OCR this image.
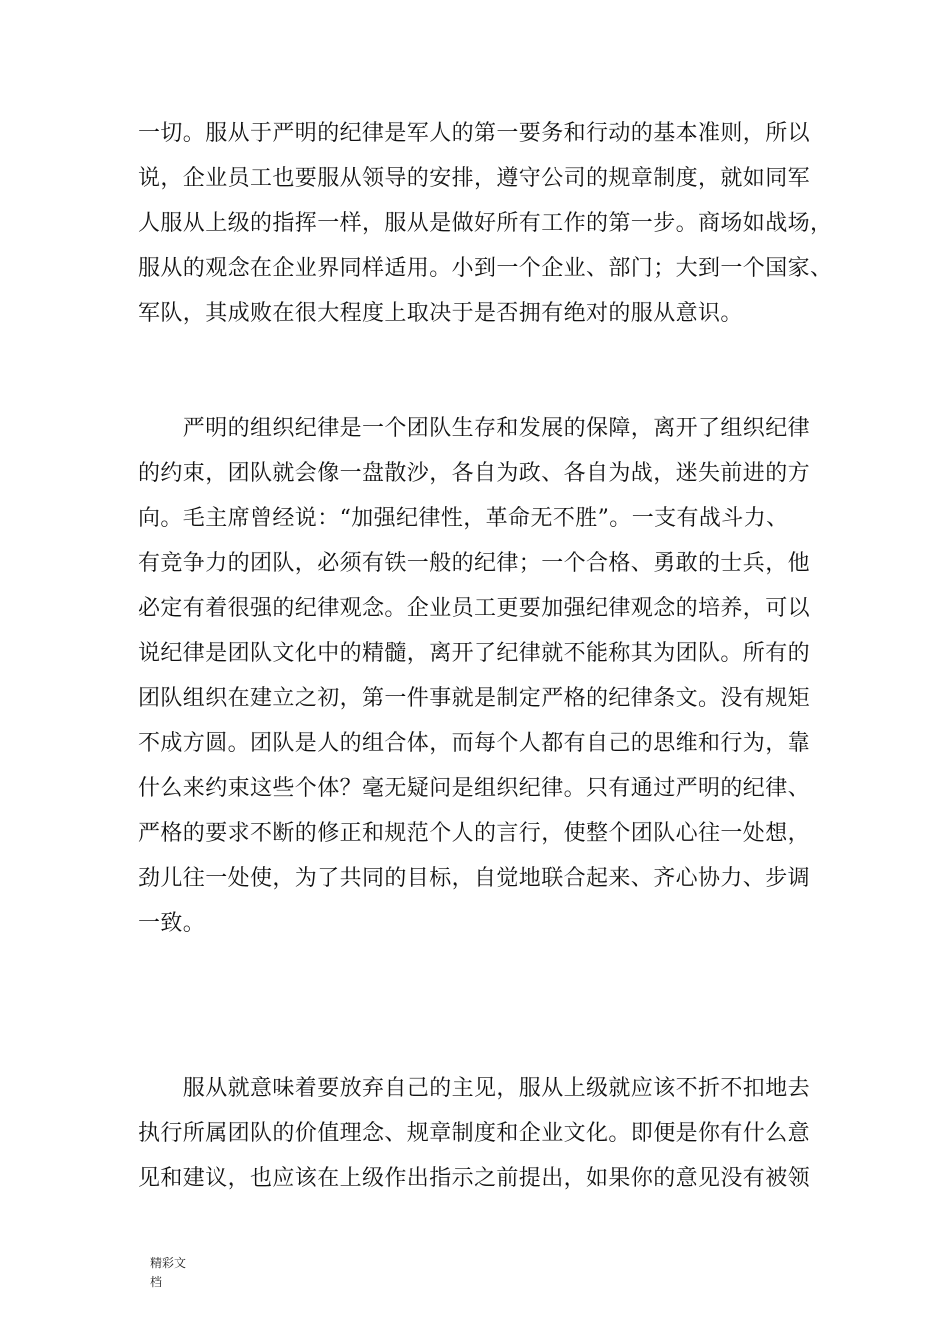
一切。服从于严明的纪律是军人的第一要务和行动的基本准则，所以
说，企业员工也要服从领导的安排，遵守公司的规章制度，就如同军
人服从上级的指挥一样，服从是做好所有工作的第一步。商场如战场，
服从的观念在企业界同样适用。小到一个企业、部门；大到一个国家、
军队，其成败在很大程度上取决于是否拥有绝对的服从意识。
　　严明的组织纪律是一个团队生存和发展的保障，离开了组织纪律
的约束，团队就会像一盘散沙，各自为政、各自为战，迷失前进的方
向。毛主席曾经说：“加强纪律性，革命无不胜”。一支有战斗力、
有竞争力的团队，必须有铁一般的纪律；一个合格、勇敢的士兵，他
必定有着很强的纪律观念。企业员工更要加强纪律观念的培养，可以
说纪律是团队文化中的精髓，离开了纪律就不能称其为团队。所有的
团队组织在建立之初，第一件事就是制定严格的纪律条文。没有规矩
不成方圆。团队是人的组合体，而每个人都有自己的思维和行为，靠
什么来约束这些个体？毫无疑问是组织纪律。只有通过严明的纪律、
严格的要求不断的修正和规范个人的言行，使整个团队心往一处想，
劲儿往一处使，为了共同的目标，自觉地联合起来、齐心协力、步调
一致。
　　服从就意味着要放弃自己的主见，服从上级就应该不折不扣地去
执行所属团队的价值理念、规章制度和企业文化。即便是你有什么意
见和建议，也应该在上级作出指示之前提出，如果你的意见没有被领
精彩文
档
